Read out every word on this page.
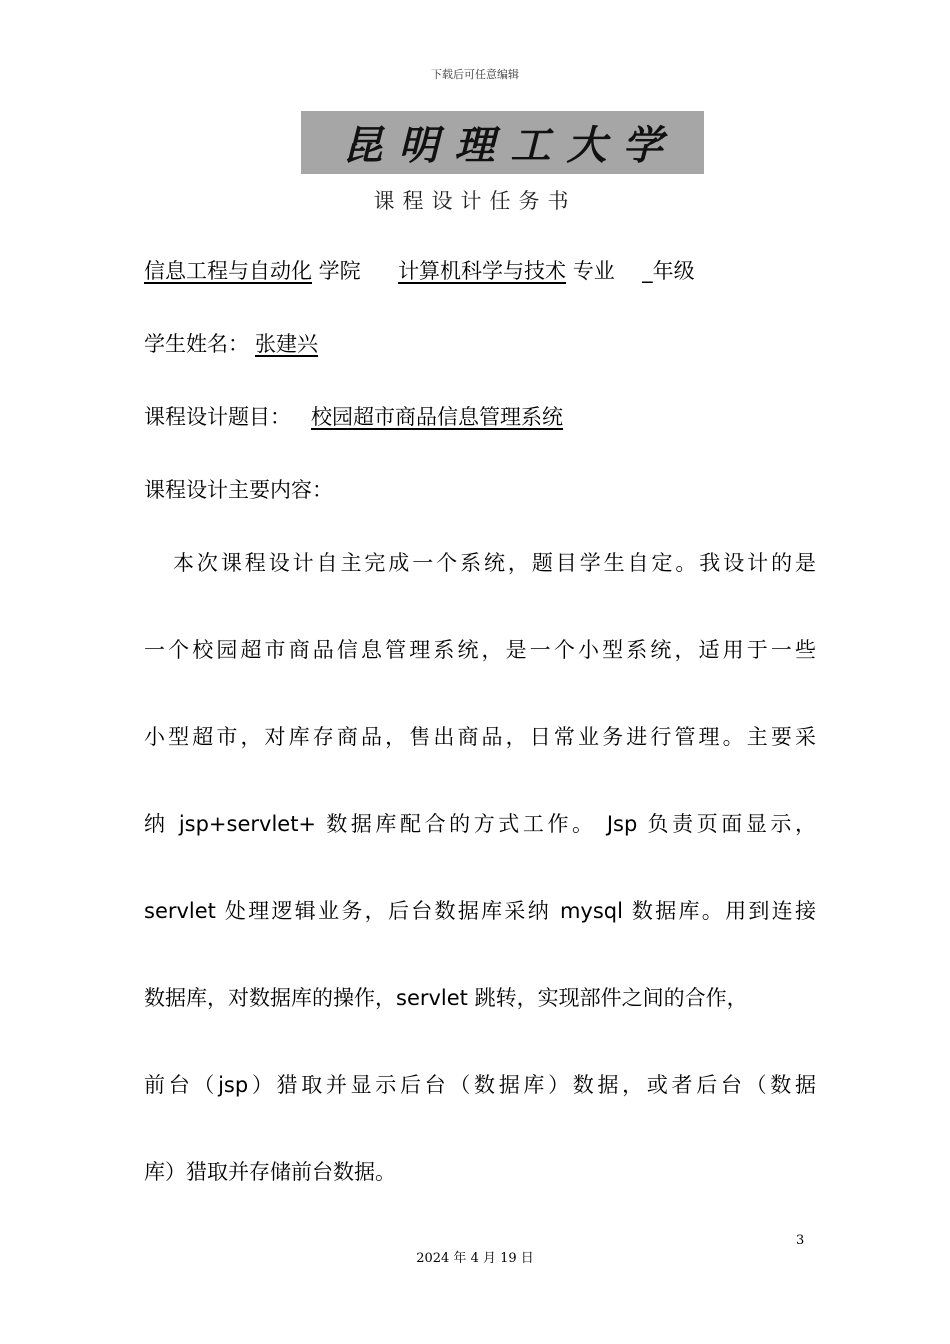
下载后可任意编辑
昆明理工大学
课程设计任务书
信息工程与自动化 学院 计算机科学与技术 专业 _年级
学生姓名： 张建兴
课程设计题目： 校园超市商品信息管理系统
课程设计主要内容：
本次课程设计自主完成一个系统，题目学生自定。我设计的是
一个校园超市商品信息管理系统，是一个小型系统，适用于一些
小型超市，对库存商品，售出商品，日常业务进行管理。主要采
纳 jsp+servlet+ 数据库配合的方式工作。 Jsp 负责页面显示，
servlet 处理逻辑业务，后台数据库采纳 mysql 数据库。用到连接
数据库，对数据库的操作，servlet 跳转，实现部件之间的合作，
前台（jsp）猎取并显示后台（数据库）数据，或者后台（数据
库）猎取并存储前台数据。
3
2024 年 4 月 19 日
